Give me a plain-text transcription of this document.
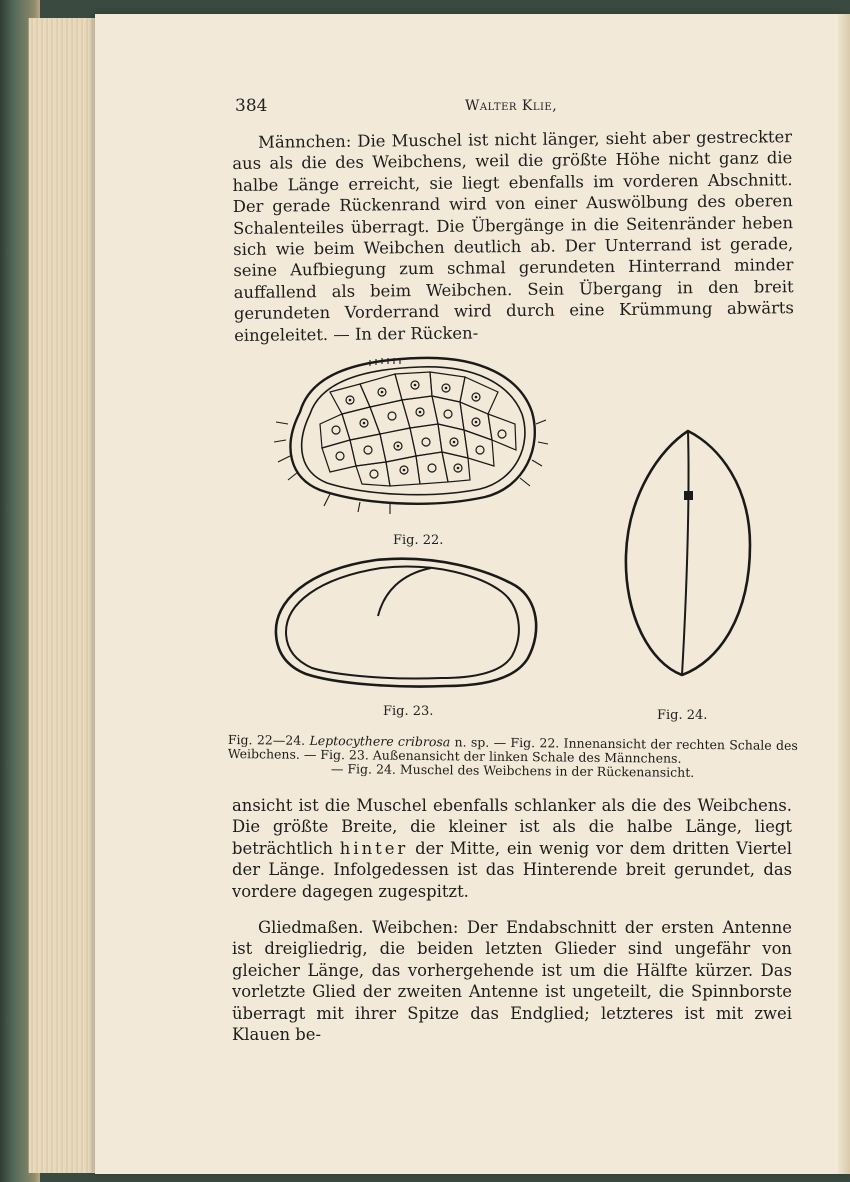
384	Walter Klie,

Männchen: Die Muschel ist nicht länger, sieht aber gestreckter aus als die des Weibchens, weil die größte Höhe nicht ganz die halbe Länge erreicht, sie liegt ebenfalls im vorderen Abschnitt. Der gerade Rückenrand wird von einer Auswölbung des oberen Schalenteiles überragt. Die Übergänge in die Seitenränder heben sich wie beim Weibchen deutlich ab. Der Unterrand ist gerade, seine Aufbiegung zum schmal gerundeten Hinterrand minder auffallend als beim Weibchen. Sein Übergang in den breit gerundeten Vorderrand wird durch eine Krümmung abwärts eingeleitet. — In der Rücken-

Fig. 22.
Fig. 23.	Fig. 24.
Fig. 22—24. Leptocythere cribrosa n. sp. — Fig. 22. Innenansicht der rechten Schale des Weibchens. — Fig. 23. Außenansicht der linken Schale des Männchens.
— Fig. 24. Muschel des Weibchens in der Rückenansicht.

ansicht ist die Muschel ebenfalls schlanker als die des Weibchens. Die größte Breite, die kleiner ist als die halbe Länge, liegt beträchtlich hinter der Mitte, ein wenig vor dem dritten Viertel der Länge. Infolgedessen ist das Hinterende breit gerundet, das vordere dagegen zugespitzt.

Gliedmaßen. Weibchen: Der Endabschnitt der ersten Antenne ist dreigliedrig, die beiden letzten Glieder sind ungefähr von gleicher Länge, das vorhergehende ist um die Hälfte kürzer. Das vorletzte Glied der zweiten Antenne ist ungeteilt, die Spinnborste überragt mit ihrer Spitze das Endglied; letzteres ist mit zwei Klauen be-
